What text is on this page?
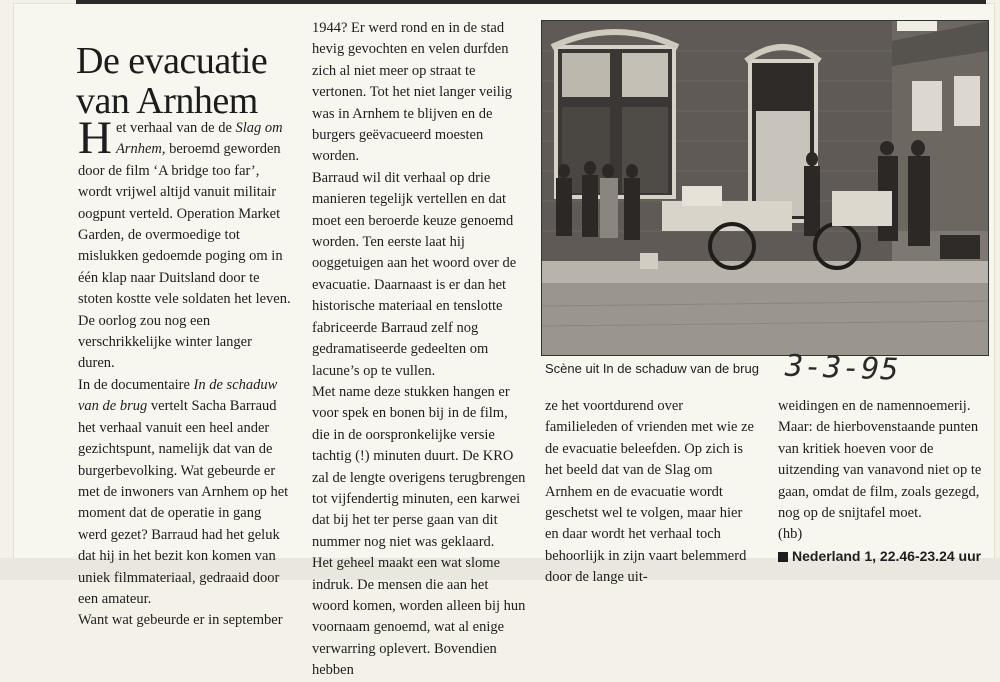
De evacuatie van Arnhem

Het verhaal van de de Slag om Arnhem, beroemd geworden door de film ‘A bridge too far’, wordt vrijwel altijd vanuit militair oogpunt verteld. Operation Market Garden, de overmoedige tot mislukken gedoemde poging om in één klap naar Duitsland door te stoten kostte vele soldaten het leven. De oorlog zou nog een verschrikkelijke winter langer duren.

In de documentaire In de schaduw van de brug vertelt Sacha Barraud het verhaal vanuit een heel ander gezichtspunt, namelijk dat van de burgerbevolking. Wat gebeurde er met de inwoners van Arnhem op het moment dat de operatie in gang werd gezet? Barraud had het geluk dat hij in het bezit kon komen van uniek filmmateriaal, gedraaid door een amateur.

Want wat gebeurde er in september

1944? Er werd rond en in de stad hevig gevochten en velen durfden zich al niet meer op straat te vertonen. Tot het niet langer veilig was in Arnhem te blijven en de burgers geëvacueerd moesten worden.

Barraud wil dit verhaal op drie manieren tegelijk vertellen en dat moet een beroerde keuze genoemd worden. Ten eerste laat hij ooggetuigen aan het woord over de evacuatie. Daarnaast is er dan het historische materiaal en tenslotte fabriceerde Barraud zelf nog gedramatiseerde gedeelten om lacune’s op te vullen.

Met name deze stukken hangen er voor spek en bonen bij in de film, die in de oorspronkelijke versie tachtig (!) minuten duurt. De KRO zal de lengte overigens terugbrengen tot vijfendertig minuten, een karwei dat bij het ter perse gaan van dit nummer nog niet was geklaard.

Het geheel maakt een wat slome indruk. De mensen die aan het woord komen, worden alleen bij hun voornaam genoemd, wat al enige verwarring oplevert. Bovendien hebben

Scène uit In de schaduw van de brug 3-3-95

ze het voortdurend over familieleden of vrienden met wie ze de evacuatie beleefden. Op zich is het beeld dat van de Slag om Arnhem en de evacuatie wordt geschetst wel te volgen, maar hier en daar wordt het verhaal toch behoorlijk in zijn vaart belemmerd door de lange uit-

weidingen en de namennoemerij.

Maar: de hierbovenstaande punten van kritiek hoeven voor de uitzending van vanavond niet op te gaan, omdat de film, zoals gezegd, nog op de snijtafel moet.

(hb)

Nederland 1, 22.46-23.24 uur
